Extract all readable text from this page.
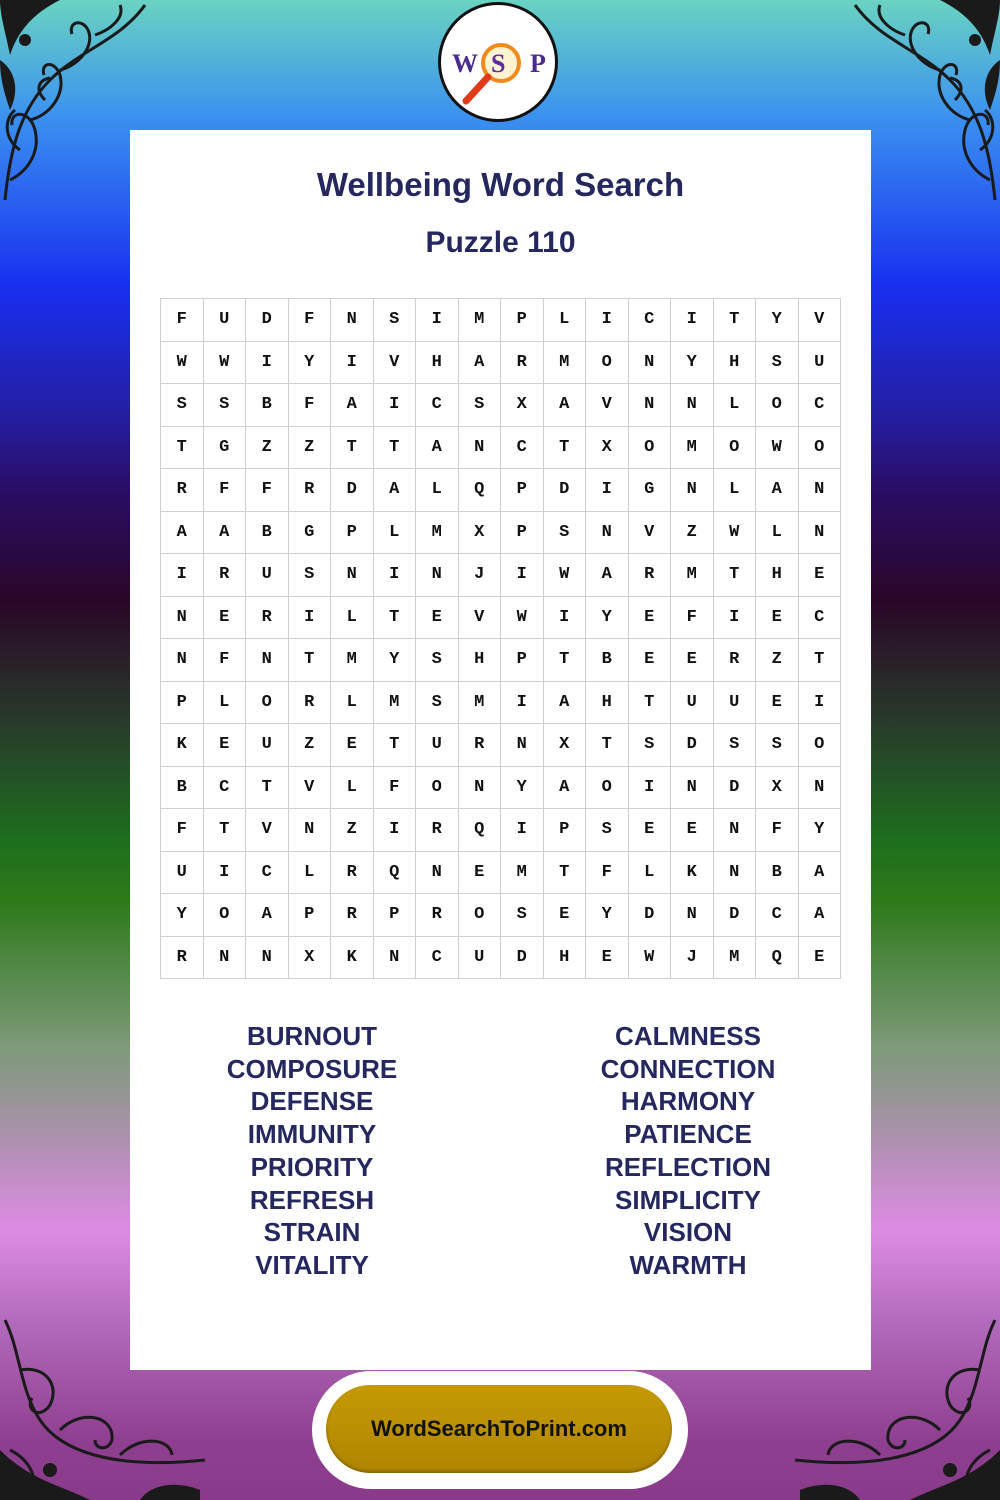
W S P
Wellbeing Word Search
Puzzle 110
F	U	D	F	N	S	I	M	P	L	I	C	I	T	Y	V
W	W	I	Y	I	V	H	A	R	M	O	N	Y	H	S	U
S	S	B	F	A	I	C	S	X	A	V	N	N	L	O	C
T	G	Z	Z	T	T	A	N	C	T	X	O	M	O	W	O
R	F	F	R	D	A	L	Q	P	D	I	G	N	L	A	N
A	A	B	G	P	L	M	X	P	S	N	V	Z	W	L	N
I	R	U	S	N	I	N	J	I	W	A	R	M	T	H	E
N	E	R	I	L	T	E	V	W	I	Y	E	F	I	E	C
N	F	N	T	M	Y	S	H	P	T	B	E	E	R	Z	T
P	L	O	R	L	M	S	M	I	A	H	T	U	U	E	I
K	E	U	Z	E	T	U	R	N	X	T	S	D	S	S	O
B	C	T	V	L	F	O	N	Y	A	O	I	N	D	X	N
F	T	V	N	Z	I	R	Q	I	P	S	E	E	N	F	Y
U	I	C	L	R	Q	N	E	M	T	F	L	K	N	B	A
Y	O	A	P	R	P	R	O	S	E	Y	D	N	D	C	A
R	N	N	X	K	N	C	U	D	H	E	W	J	M	Q	E
BURNOUT
COMPOSURE
DEFENSE
IMMUNITY
PRIORITY
REFRESH
STRAIN
VITALITY
CALMNESS
CONNECTION
HARMONY
PATIENCE
REFLECTION
SIMPLICITY
VISION
WARMTH
WordSearchToPrint.com
